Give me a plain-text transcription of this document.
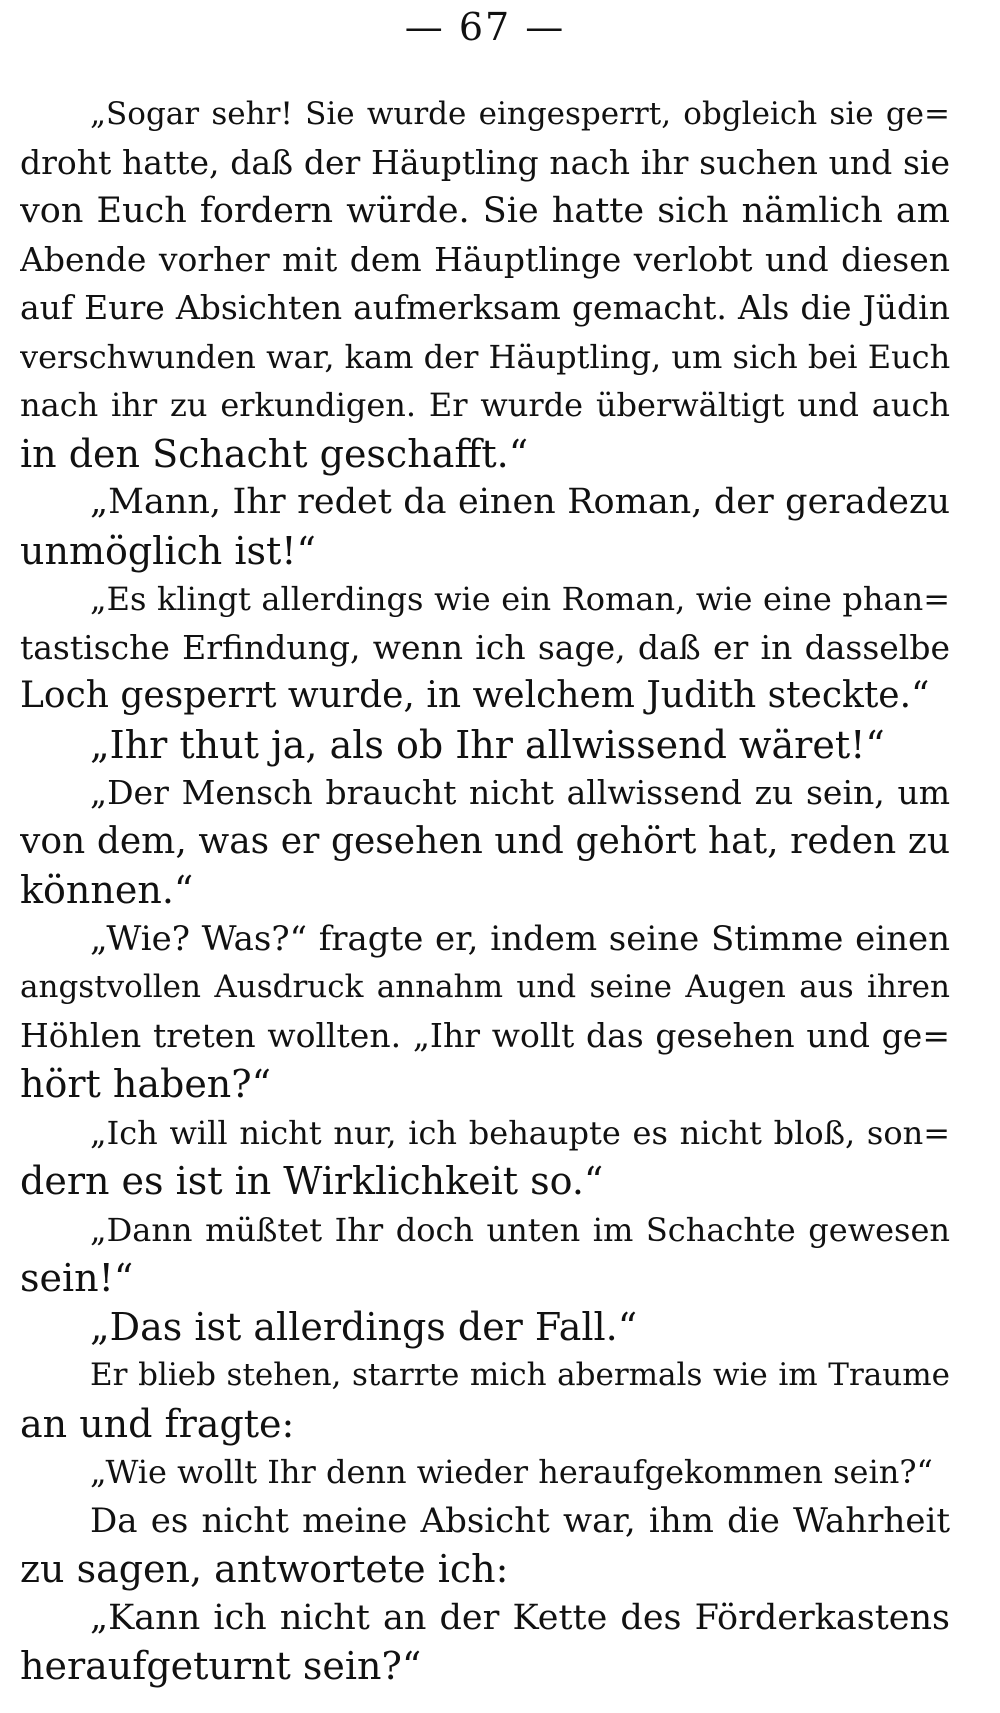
— 67 —
„Sogar sehr! Sie wurde eingesperrt, obgleich sie ge=
droht hatte, daß der Häuptling nach ihr suchen und sie
von Euch fordern würde. Sie hatte sich nämlich am
Abende vorher mit dem Häuptlinge verlobt und diesen
auf Eure Absichten aufmerksam gemacht. Als die Jüdin
verschwunden war, kam der Häuptling, um sich bei Euch
nach ihr zu erkundigen. Er wurde überwältigt und auch
in den Schacht geschafft.“
„Mann, Ihr redet da einen Roman, der geradezu
unmöglich ist!“
„Es klingt allerdings wie ein Roman, wie eine phan=
tastische Erfindung, wenn ich sage, daß er in dasselbe
Loch gesperrt wurde, in welchem Judith steckte.“
„Ihr thut ja, als ob Ihr allwissend wäret!“
„Der Mensch braucht nicht allwissend zu sein, um
von dem, was er gesehen und gehört hat, reden zu
können.“
„Wie? Was?“ fragte er, indem seine Stimme einen
angstvollen Ausdruck annahm und seine Augen aus ihren
Höhlen treten wollten. „Ihr wollt das gesehen und ge=
hört haben?“
„Ich will nicht nur, ich behaupte es nicht bloß, son=
dern es ist in Wirklichkeit so.“
„Dann müßtet Ihr doch unten im Schachte gewesen
sein!“
„Das ist allerdings der Fall.“
Er blieb stehen, starrte mich abermals wie im Traume
an und fragte:
„Wie wollt Ihr denn wieder heraufgekommen sein?“
Da es nicht meine Absicht war, ihm die Wahrheit
zu sagen, antwortete ich:
„Kann ich nicht an der Kette des Förderkastens
heraufgeturnt sein?“
